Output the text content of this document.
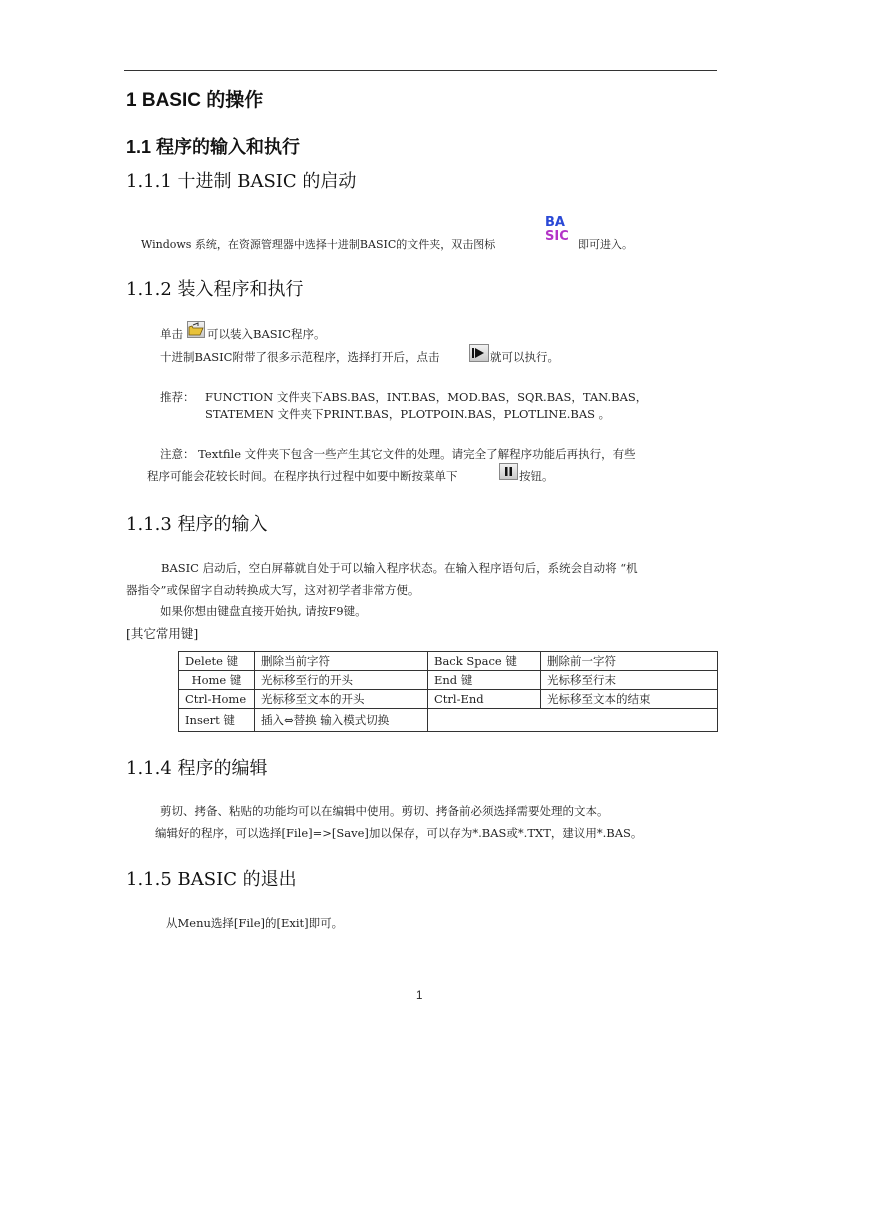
1 BASIC 的操作
1.1 程序的输入和执行
1.1.1 十进制 BASIC 的启动
Windows 系统，在资源管理器中选择十进制BASIC的文件夹，双击图标
BA
SIC
即可进入。
1.1.2 装入程序和执行
单击 可以装入BASIC程序。
十进制BASIC附带了很多示范程序，选择打开后，点击	就可以执行。
推荐： FUNCTION 文件夹下ABS.BAS，INT.BAS，MOD.BAS，SQR.BAS，TAN.BAS，
STATEMEN 文件夹下PRINT.BAS，PLOTPOIN.BAS，PLOTLINE.BAS 。
注意： Textfile 文件夹下包含一些产生其它文件的处理。请完全了解程序功能后再执行，有些
程序可能会花较长时间。在程序执行过程中如要中断按菜单下	按钮。
1.1.3 程序的输入
BASIC 启动后，空白屏幕就自处于可以输入程序状态。在输入程序语句后，系统会自动将 “机
器指令”或保留字自动转换成大写，这对初学者非常方便。
如果你想由键盘直接开始执, 请按F9键。
[其它常用键]
Delete 键	删除当前字符	Back Space 键	删除前一字符
Home 键	光标移至行的开头	End 键	光标移至行末
Ctrl-Home	光标移至文本的开头	Ctrl-End	光标移至文本的结束
Insert 键	插入⇔替换 输入模式切换		
1.1.4 程序的编辑
剪切、拷备、粘贴的功能均可以在编辑中使用。剪切、拷备前必须选择需要处理的文本。
编辑好的程序，可以选择[File]=>[Save]加以保存，可以存为*.BAS或*.TXT，建议用*.BAS。
1.1.5 BASIC 的退出
从Menu选择[File]的[Exit]即可。
1
